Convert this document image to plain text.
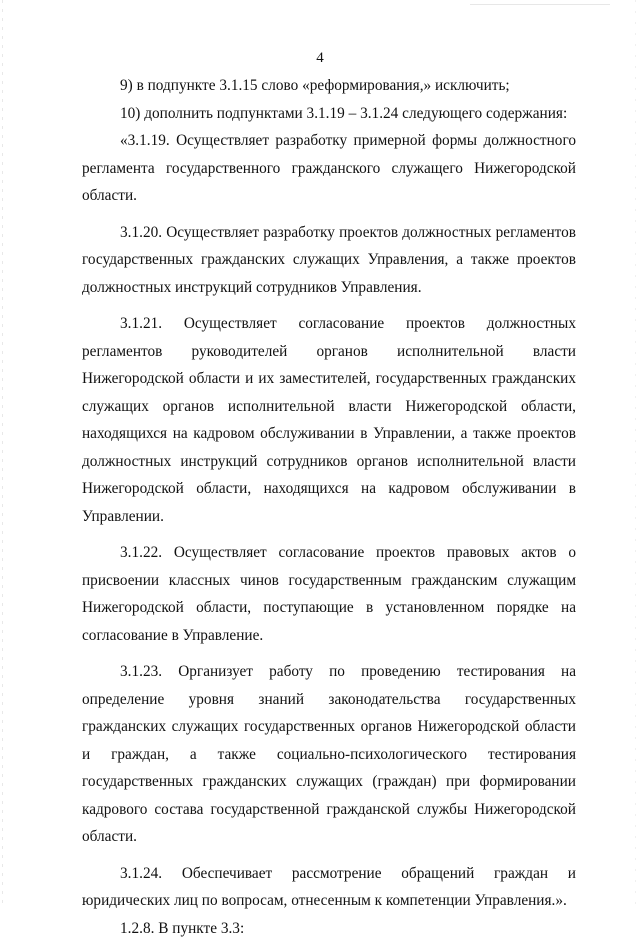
4

9) в подпункте 3.1.15 слово «реформирования,» исключить;

10) дополнить подпунктами 3.1.19 – 3.1.24 следующего содержания:

«3.1.19. Осуществляет разработку примерной формы должностного регламента государственного гражданского служащего Нижегородской области.

3.1.20. Осуществляет разработку проектов должностных регламентов государственных гражданских служащих Управления, а также проектов должностных инструкций сотрудников Управления.

3.1.21. Осуществляет согласование проектов должностных регламентов руководителей органов исполнительной власти Нижегородской области и их заместителей, государственных гражданских служащих органов исполнительной власти Нижегородской области, находящихся на кадровом обслуживании в Управлении, а также проектов должностных инструкций сотрудников органов исполнительной власти Нижегородской области, находящихся на кадровом обслуживании в Управлении.

3.1.22. Осуществляет согласование проектов правовых актов о присвоении классных чинов государственным гражданским служащим Нижегородской области, поступающие в установленном порядке на согласование в Управление.

3.1.23. Организует работу по проведению тестирования на определение уровня знаний законодательства государственных гражданских служащих государственных органов Нижегородской области и граждан, а также социально-психологического тестирования государственных гражданских служащих (граждан) при формировании кадрового состава государственной гражданской службы Нижегородской области.

3.1.24. Обеспечивает рассмотрение обращений граждан и юридических лиц по вопросам, отнесенным к компетенции Управления.».

1.2.8. В пункте 3.3:
